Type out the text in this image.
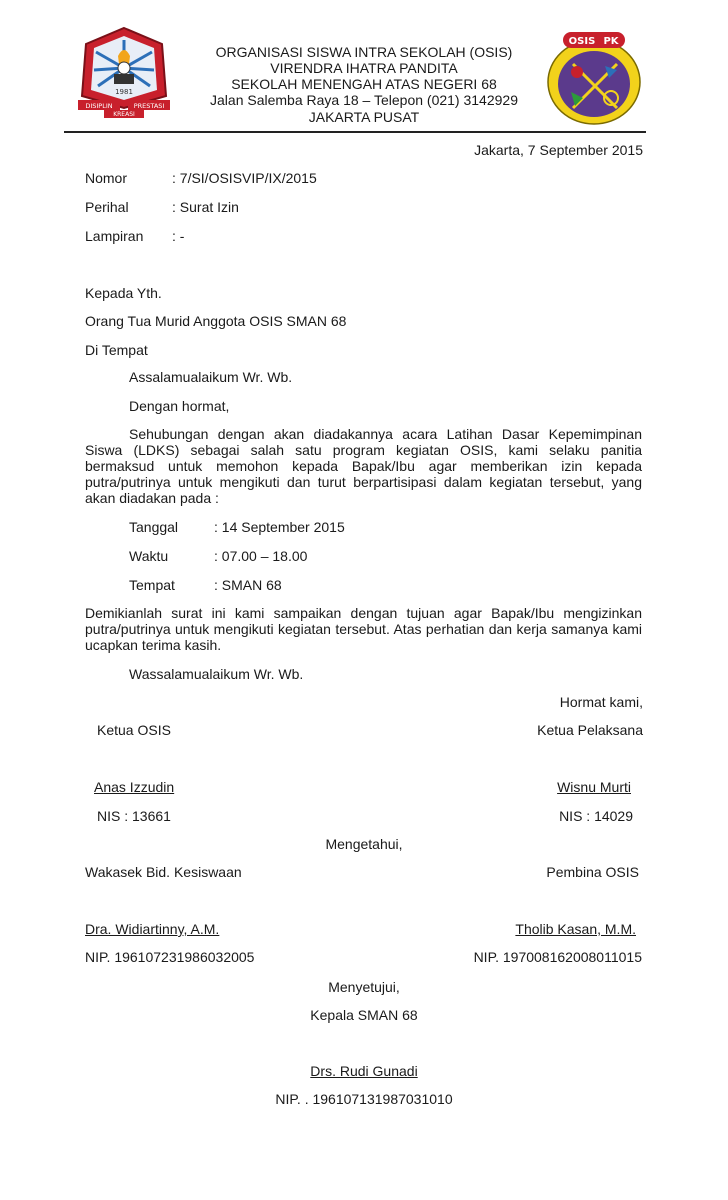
1981
DISIPLIN	PRESTASI
KREASI
OSIS PK
ORGANISASI SISWA INTRA SEKOLAH (OSIS)
VIRENDRA IHATRA PANDITA
SEKOLAH MENENGAH ATAS NEGERI 68
Jalan Salemba Raya 18 – Telepon (021) 3142929
JAKARTA PUSAT
Jakarta, 7 September 2015
Nomor	: 7/SI/OSISVIP/IX/2015
Perihal	: Surat Izin
Lampiran : -
Kepada Yth.
Orang Tua Murid Anggota OSIS SMAN 68
Di Tempat
Assalamualaikum Wr. Wb.
Dengan hormat,
Sehubungan dengan akan diadakannya acara Latihan Dasar Kepemimpinan Siswa (LDKS) sebagai salah satu program kegiatan OSIS, kami selaku panitia bermaksud untuk memohon kepada Bapak/Ibu agar memberikan izin kepada putra/putrinya untuk mengikuti dan turut berpartisipasi dalam kegiatan tersebut, yang akan diadakan pada :
Tanggal	: 14 September 2015
Waktu	: 07.00 – 18.00
Tempat	: SMAN 68
Demikianlah surat ini kami sampaikan dengan tujuan agar Bapak/Ibu mengizinkan putra/putrinya untuk mengikuti kegiatan tersebut. Atas perhatian dan kerja samanya kami ucapkan terima kasih.
Wassalamualaikum Wr. Wb.
Hormat kami,
Ketua OSIS	Ketua Pelaksana
Anas Izzudin	Wisnu Murti
NIS : 13661	NIS : 14029
Mengetahui,
Wakasek Bid. Kesiswaan	Pembina OSIS
Dra. Widiartinny, A.M.	Tholib Kasan, M.M.
NIP. 196107231986032005	NIP. 197008162008011015
Menyetujui,
Kepala SMAN 68
Drs. Rudi Gunadi
NIP. . 196107131987031010
